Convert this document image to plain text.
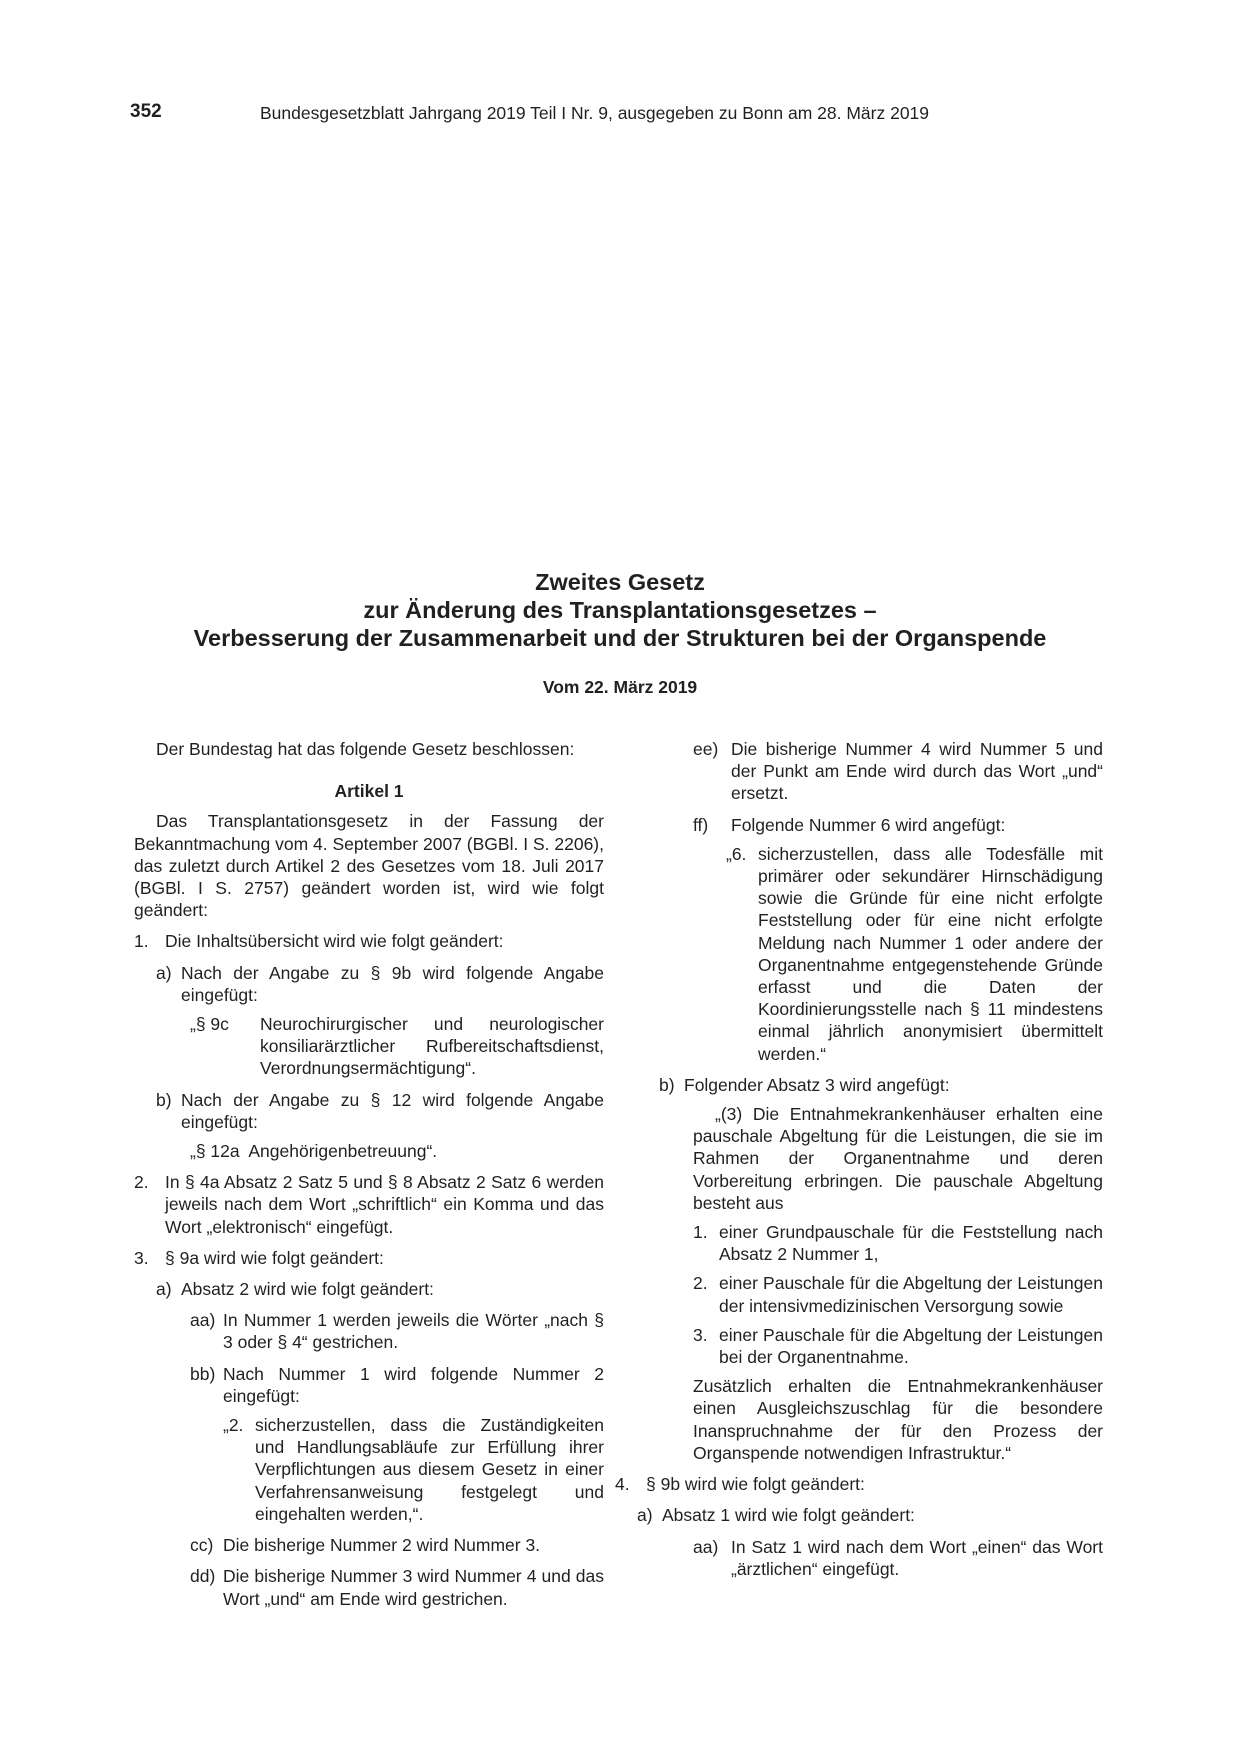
352	Bundesgesetzblatt Jahrgang 2019 Teil I Nr. 9, ausgegeben zu Bonn am 28. März 2019
Zweites Gesetz
zur Änderung des Transplantationsgesetzes –
Verbesserung der Zusammenarbeit und der Strukturen bei der Organspende
Vom 22. März 2019

Der Bundestag hat das folgende Gesetz beschlossen:

Artikel 1

Das Transplantationsgesetz in der Fassung der Bekanntmachung vom 4. September 2007 (BGBl. I S. 2206), das zuletzt durch Artikel 2 des Gesetzes vom 18. Juli 2017 (BGBl. I S. 2757) geändert worden ist, wird wie folgt geändert:

1. Die Inhaltsübersicht wird wie folgt geändert:

a) Nach der Angabe zu § 9b wird folgende Angabe eingefügt:

„§ 9c Neurochirurgischer und neurologischer konsiliarärztlicher Rufbereitschaftsdienst, Verordnungsermächtigung“.

b) Nach der Angabe zu § 12 wird folgende Angabe eingefügt:

„§ 12a  Angehörigenbetreuung“.

2. In § 4a Absatz 2 Satz 5 und § 8 Absatz 2 Satz 6 werden jeweils nach dem Wort „schriftlich“ ein Komma und das Wort „elektronisch“ eingefügt.

3. § 9a wird wie folgt geändert:

a) Absatz 2 wird wie folgt geändert:

aa) In Nummer 1 werden jeweils die Wörter „nach § 3 oder § 4“ gestrichen.

bb) Nach Nummer 1 wird folgende Nummer 2 eingefügt:

„2. sicherzustellen, dass die Zuständigkeiten und Handlungsabläufe zur Erfüllung ihrer Verpflichtungen aus diesem Gesetz in einer Verfahrensanweisung festgelegt und eingehalten werden,“.

cc) Die bisherige Nummer 2 wird Nummer 3.

dd) Die bisherige Nummer 3 wird Nummer 4 und das Wort „und“ am Ende wird gestrichen.

ee) Die bisherige Nummer 4 wird Nummer 5 und der Punkt am Ende wird durch das Wort „und“ ersetzt.

ff) Folgende Nummer 6 wird angefügt:

„6. sicherzustellen, dass alle Todesfälle mit primärer oder sekundärer Hirnschädigung sowie die Gründe für eine nicht erfolgte Feststellung oder für eine nicht erfolgte Meldung nach Nummer 1 oder andere der Organentnahme entgegenstehende Gründe erfasst und die Daten der Koordinierungsstelle nach § 11 mindestens einmal jährlich anonymisiert übermittelt werden.“

b) Folgender Absatz 3 wird angefügt:

„(3) Die Entnahmekrankenhäuser erhalten eine pauschale Abgeltung für die Leistungen, die sie im Rahmen der Organentnahme und deren Vorbereitung erbringen. Die pauschale Abgeltung besteht aus

1. einer Grundpauschale für die Feststellung nach Absatz 2 Nummer 1,

2. einer Pauschale für die Abgeltung der Leistungen der intensivmedizinischen Versorgung sowie

3. einer Pauschale für die Abgeltung der Leistungen bei der Organentnahme.

Zusätzlich erhalten die Entnahmekrankenhäuser einen Ausgleichszuschlag für die besondere Inanspruchnahme der für den Prozess der Organspende notwendigen Infrastruktur.“

4. § 9b wird wie folgt geändert:

a) Absatz 1 wird wie folgt geändert:

aa) In Satz 1 wird nach dem Wort „einen“ das Wort „ärztlichen“ eingefügt.
